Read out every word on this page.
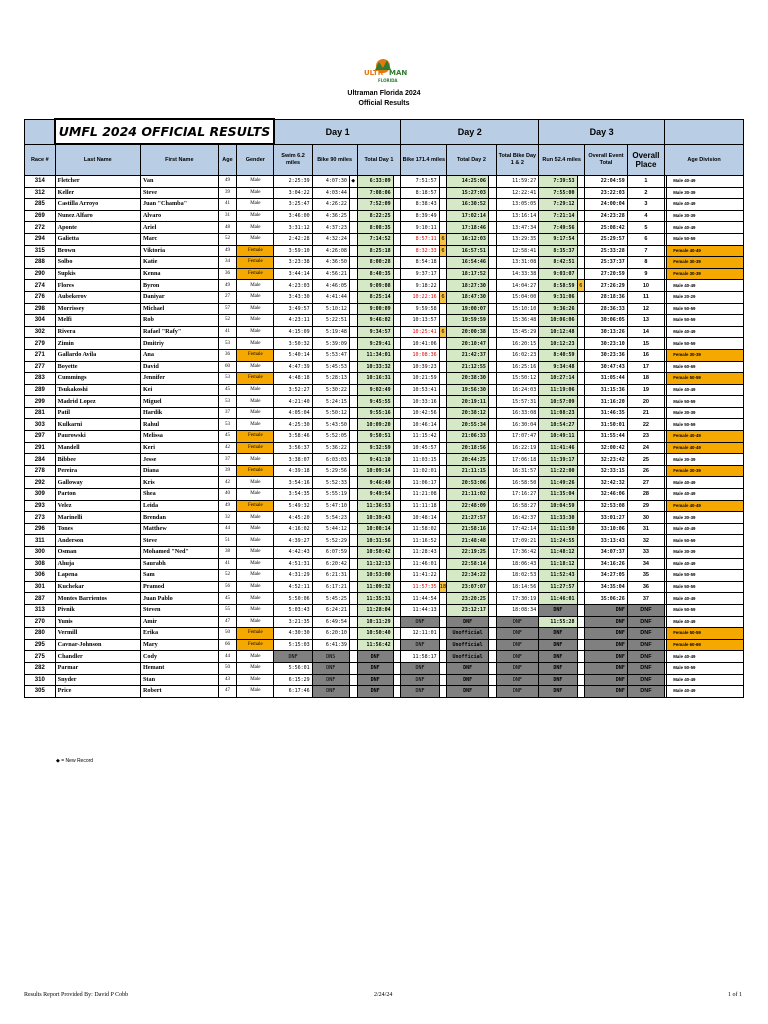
ULTR MAN
FLORIDA
Ultraman Florida 2024
Official Results
	UMFL 2024 OFFICIAL RESULTS				Day 1					Day 2					Day 3					
Race #	Last Name	First Name	Age	Gender	Swim 6.2 miles	Bike 90 miles		Total Day 1		Bike 171.4 miles		Total Day 2		Total Bike Day 1 & 2	Run 52.4 miles		Overall Event Total	Overall Place	Age Division	
314	Fletcher	Van	49	Male	2:25:39	4:07:30	◆	6:33:09		7:51:57		14:25:06		11:59:27	7:39:53		22:04:59	1		Male 40-49
312	Keller	Steve	39	Male	3:04:22	4:03:44		7:08:06		8:18:57		15:27:03		12:22:41	7:55:00		23:22:03	2		Male 30-39
285	Castilla Arroyo	Juan "Chamba"	41	Male	3:25:47	4:26:22		7:52:09		8:38:43		16:30:52		13:05:05	7:29:12		24:00:04	3		Male 40-49
269	Nunez Alfaro	Alvaro	31	Male	3:46:00	4:36:25		8:22:25		8:39:49		17:02:14		13:16:14	7:21:14		24:23:28	4		Male 30-39
272	Aponte	Ariel	48	Male	3:31:12	4:37:23		8:08:35		9:10:11		17:18:46		13:47:34	7:49:56		25:08:42	5		Male 40-49
294	Galietta	Marc	52	Male	2:42:28	4:32:24		7:14:52		8:57:11	6	16:12:03		13:29:35	9:17:54		25:29:57	6		Male 50-59
315	Brown	Viktoria	49	Female	3:59:10	4:26:08		8:25:18		8:32:33	6	16:57:51		12:58:41	8:35:37		25:33:28	7		Female 40-49
288	Solbo	Katie	34	Female	3:23:38	4:36:50		8:00:28		8:54:18		16:54:46		13:31:08	8:42:51		25:37:37	8		Female 30-39
290	Supkis	Kenna	36	Female	3:44:14	4:56:21		8:40:35		9:37:17		18:17:52		14:33:38	9:03:07		27:20:59	9		Female 30-39
274	Flores	Byron	49	Male	4:23:03	4:46:05		9:09:08		9:18:22		18:27:30		14:04:27	8:58:59	6	27:26:29	10		Male 40-49
276	Aubekerov	Daniyar	27	Male	3:43:30	4:41:44		8:25:14		10:22:16	6	18:47:30		15:04:00	9:31:06		28:18:36	11		Male 20-29
298	Morrissey	Michael	57	Male	3:49:57	5:10:12		9:00:09		9:59:58		19:00:07		15:10:10	9:36:26		28:36:33	12		Male 50-59
304	Melfi	Rob	52	Male	4:23:11	5:22:51		9:46:02		10:13:57		19:59:59		15:36:48	10:06:06		30:06:05	13		Male 50-59
302	Rivera	Rafael "Rafy"	41	Male	4:15:09	5:19:48		9:34:57		10:25:41	6	20:00:38		15:45:29	10:12:48		30:13:26	14		Male 40-49
279	Zimin	Dmitriy	53	Male	3:50:32	5:39:09		9:29:41		10:41:06		20:10:47		16:20:15	10:12:23		30:23:10	15		Male 50-59
271	Gallardo Avila	Ana	36	Female	5:40:14	5:53:47		11:34:01		10:08:36		21:42:37		16:02:23	8:40:59		30:23:36	16		Female 30-39
277	Boyette	David	60	Male	4:47:39	5:45:53		10:33:32		10:39:23		21:12:55		16:25:16	9:34:48		30:47:43	17		Male 60-69
283	Cummings	Jennifer	53	Female	4:48:18	5:28:13		10:16:31		10:21:59		20:38:30		15:50:12	10:27:14		31:05:44	18		Female 50-59
289	Tsukakoshi	Kei	45	Male	3:52:27	5:30:22		9:02:49		10:53:41		19:56:30		16:24:03	11:19:06		31:15:36	19		Male 40-49
299	Madrid Lopez	Miguel	53	Male	4:21:40	5:24:15		9:45:55		10:33:16		20:19:11		15:57:31	10:57:09		31:16:20	20		Male 50-59
281	Patil	Hardik	37	Male	4:05:04	5:50:12		9:55:16		10:42:56		20:38:12		16:33:08	11:08:23		31:46:35	21		Male 30-39
303	Kulkarni	Rahul	53	Male	4:25:30	5:43:50		10:09:20		10:46:14		20:55:34		16:30:04	10:54:27		31:50:01	22		Male 50-59
297	Paurowski	Melissa	45	Female	3:58:46	5:52:05		9:50:51		11:15:42		21:06:33		17:07:47	10:49:11		31:55:44	23		Female 40-49
291	Mandell	Keri	42	Female	3:56:37	5:36:22		9:32:59		10:45:57		20:18:56		16:22:19	11:41:46		32:00:42	24		Female 40-49
284	Bibbee	Jesse	37	Male	3:38:07	6:03:03		9:41:10		11:03:15		20:44:25		17:06:18	11:39:17		32:23:42	25		Male 30-39
278	Pereira	Diana	39	Female	4:39:18	5:29:56		10:09:14		11:02:01		21:11:15		16:31:57	11:22:00		32:33:15	26		Female 30-39
292	Galloway	Kris	42	Male	3:54:16	5:52:33		9:46:49		11:06:17		20:53:06		16:58:50	11:49:26		32:42:32	27		Male 40-49
309	Parton	Shea	40	Male	3:54:35	5:55:19		9:49:54		11:21:08		21:11:02		17:16:27	11:35:04		32:46:06	28		Male 40-49
293	Velez	Leida	49	Female	5:49:32	5:47:10		11:36:53		11:11:18		22:48:09		16:58:27	10:04:59		32:53:08	29		Female 40-49
273	Marinelli	Brendan	32	Male	4:45:20	5:54:23		10:39:43		10:48:14		21:27:57		16:42:37	11:33:30		33:01:27	30		Male 30-39
296	Tones	Matthew	44	Male	4:16:02	5:44:12		10:00:14		11:58:02		21:58:16		17:42:14	11:11:50		33:10:06	31		Male 40-49
311	Anderson	Steve	51	Male	4:39:27	5:52:29		10:31:56		11:16:52		21:48:48		17:09:21	11:24:55		33:13:43	32		Male 50-59
300	Osman	Mohamed "Ned"	38	Male	4:42:43	6:07:59		10:50:42		11:28:43		22:19:25		17:36:42	11:48:12		34:07:37	33		Male 30-39
308	Ahuja	Saurabh	41	Male	4:51:31	6:20:42		11:12:13		11:46:01		22:58:14		18:06:43	11:18:12		34:16:26	34		Male 40-49
306	Lapena	Sam	52	Male	4:31:29	6:21:31		10:53:00		11:41:22		22:34:22		18:02:53	11:52:43		34:27:05	35		Male 50-59
301	Kuchekar	Pramod	56	Male	4:52:11	6:17:21		11:09:32		11:57:35	18	23:07:07		18:14:56	11:27:57		34:35:04	36		Male 50-59
287	Montes Barrientos	Juan Pablo	45	Male	5:50:06	5:45:25		11:35:31		11:44:54		23:20:25		17:30:19	11:46:01		35:06:26	37		Male 40-49
313	Pivnik	Steven	55	Male	5:03:43	6:24:21		11:28:04		11:44:13		23:12:17		18:08:34	DNF		DNF	DNF		Male 50-59
270	Yunis	Amir	47	Male	3:21:35	6:49:54		10:11:29		DNF		DNF		DNF	11:55:28		DNF	DNF		Male 40-49
280	Vermill	Erika	50	Female	4:30:30	6:20:10		10:50:40		12:11:01		Unofficial		DNF	DNF		DNF	DNF		Female 50-59
295	Cavnar-Johnson	Mary	66	Female	5:15:03	6:41:39		11:56:42		DNF		Unofficial		DNF	DNF		DNF	DNF		Female 60-69
275	Chandler	Cody	44	Male	DNF	DNS		DNF		11:58:17		Unofficial		DNF	DNF		DNF	DNF		Male 40-49
282	Parmar	Hemant	50	Male	5:56:01	DNF		DNF		DNF		DNF		DNF	DNF		DNF	DNF		Male 50-59
310	Snyder	Stan	43	Male	6:15:29	DNF		DNF		DNF		DNF		DNF	DNF		DNF	DNF		Male 40-49
305	Price	Robert	47	Male	6:17:46	DNF		DNF		DNF		DNF		DNF	DNF		DNF	DNF		Male 40-49
◆ = New Record
Results Report Provided By: David P Cobb	2/24/24	1 of 1
